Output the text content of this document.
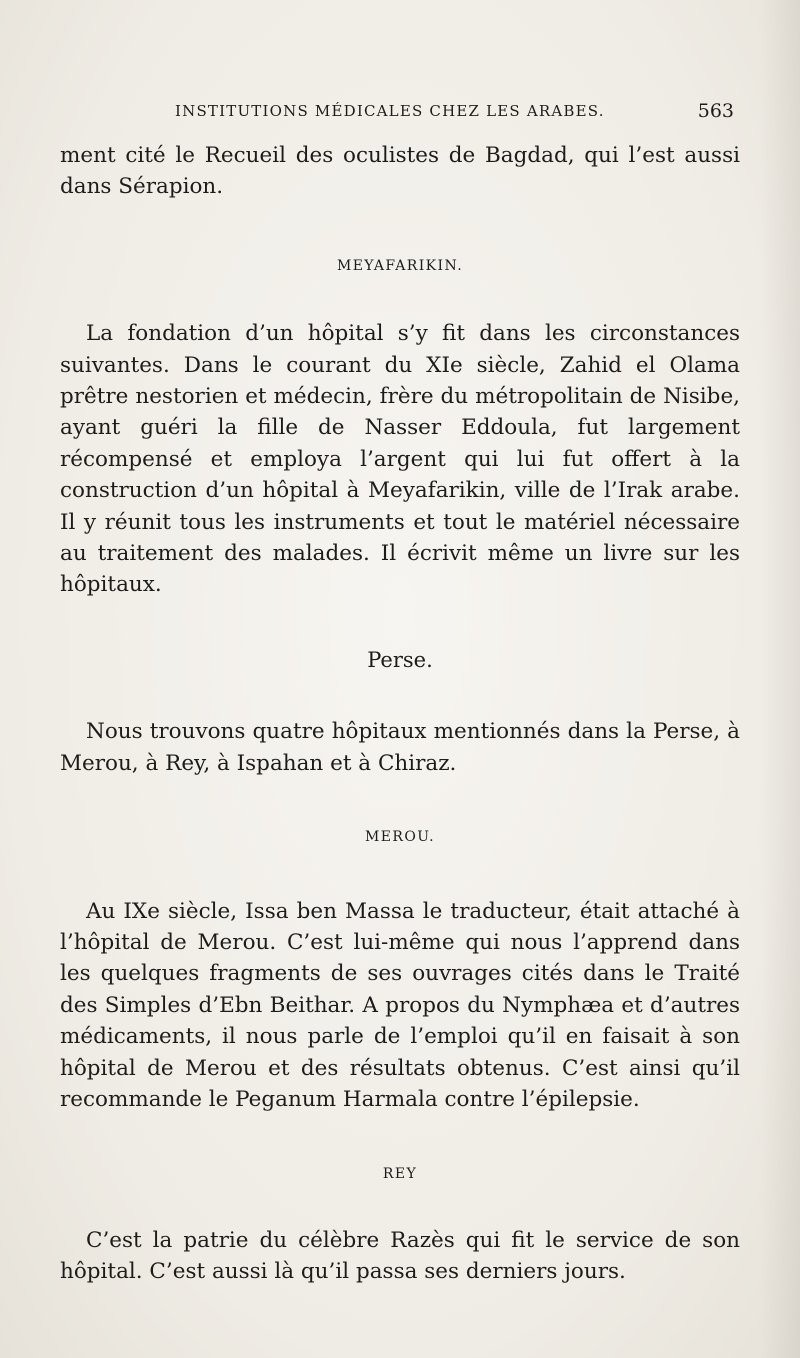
INSTITUTIONS MÉDICALES CHEZ LES ARABES.	563

ment cité le Recueil des oculistes de Bagdad, qui l’est aussi dans Sérapion.

MEYAFARIKIN.

La fondation d’un hôpital s’y fit dans les circonstances suivantes. Dans le courant du XIe siècle, Zahid el Olama prêtre nestorien et médecin, frère du métropolitain de Nisibe, ayant guéri la fille de Nasser Eddoula, fut largement récompensé et employa l’argent qui lui fut offert à la construction d’un hôpital à Meyafarikin, ville de l’Irak arabe. Il y réunit tous les instruments et tout le matériel nécessaire au traitement des malades. Il écrivit même un livre sur les hôpitaux.

Perse.

Nous trouvons quatre hôpitaux mentionnés dans la Perse, à Merou, à Rey, à Ispahan et à Chiraz.

MEROU.

Au IXe siècle, Issa ben Massa le traducteur, était attaché à l’hôpital de Merou. C’est lui-même qui nous l’apprend dans les quelques fragments de ses ouvrages cités dans le Traité des Simples d’Ebn Beithar. A propos du Nymphæa et d’autres médicaments, il nous parle de l’emploi qu’il en faisait à son hôpital de Merou et des résultats obtenus. C’est ainsi qu’il recommande le Peganum Harmala contre l’épilepsie.

REY

C’est la patrie du célèbre Razès qui fit le service de son hôpital. C’est aussi là qu’il passa ses derniers jours.
